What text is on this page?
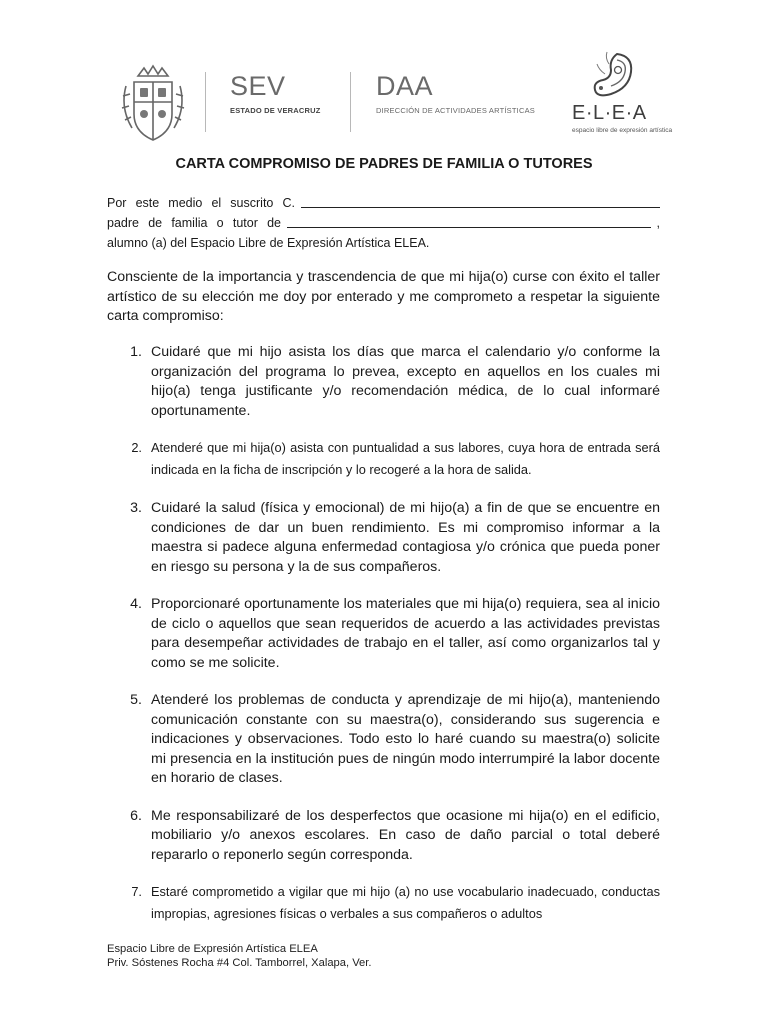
SEV
ESTADO DE VERACRUZ
DAA
DIRECCIÓN DE ACTIVIDADES ARTÍSTICAS E·L·E·A
espacio libre de expresión artística
CARTA COMPROMISO DE PADRES DE FAMILIA O TUTORES
Por este medio el suscrito C.
padre de familia o tutor de	,
alumno (a) del Espacio Libre de Expresión Artística ELEA.
Consciente de la importancia y trascendencia de que mi hija(o) curse con éxito el taller artístico de su elección me doy por enterado y me comprometo a respetar la siguiente carta compromiso:
1. Cuidaré que mi hijo asista los días que marca el calendario y/o conforme la organización del programa lo prevea, excepto en aquellos en los cuales mi hijo(a) tenga justificante y/o recomendación médica, de lo cual informaré oportunamente.
2. Atenderé que mi hija(o) asista con puntualidad a sus labores, cuya hora de entrada será indicada en la ficha de inscripción y lo recogeré a la hora de salida.
3. Cuidaré la salud (física y emocional) de mi hijo(a) a fin de que se encuentre en condiciones de dar un buen rendimiento. Es mi compromiso informar a la maestra si padece alguna enfermedad contagiosa y/o crónica que pueda poner en riesgo su persona y la de sus compañeros.
4. Proporcionaré oportunamente los materiales que mi hija(o) requiera, sea al inicio de ciclo o aquellos que sean requeridos de acuerdo a las actividades previstas para desempeñar actividades de trabajo en el taller, así como organizarlos tal y como se me solicite.
5. Atenderé los problemas de conducta y aprendizaje de mi hijo(a), manteniendo comunicación constante con su maestra(o), considerando sus sugerencia e indicaciones y observaciones. Todo esto lo haré cuando su maestra(o) solicite mi presencia en la institución pues de ningún modo interrumpiré la labor docente en horario de clases.
6. Me responsabilizaré de los desperfectos que ocasione mi hija(o) en el edificio, mobiliario y/o anexos escolares. En caso de daño parcial o total deberé repararlo o reponerlo según corresponda.
7. Estaré comprometido a vigilar que mi hijo (a) no use vocabulario inadecuado, conductas impropias, agresiones físicas o verbales a sus compañeros o adultos
Espacio Libre de Expresión Artística ELEA
Priv. Sóstenes Rocha #4 Col. Tamborrel, Xalapa, Ver.
